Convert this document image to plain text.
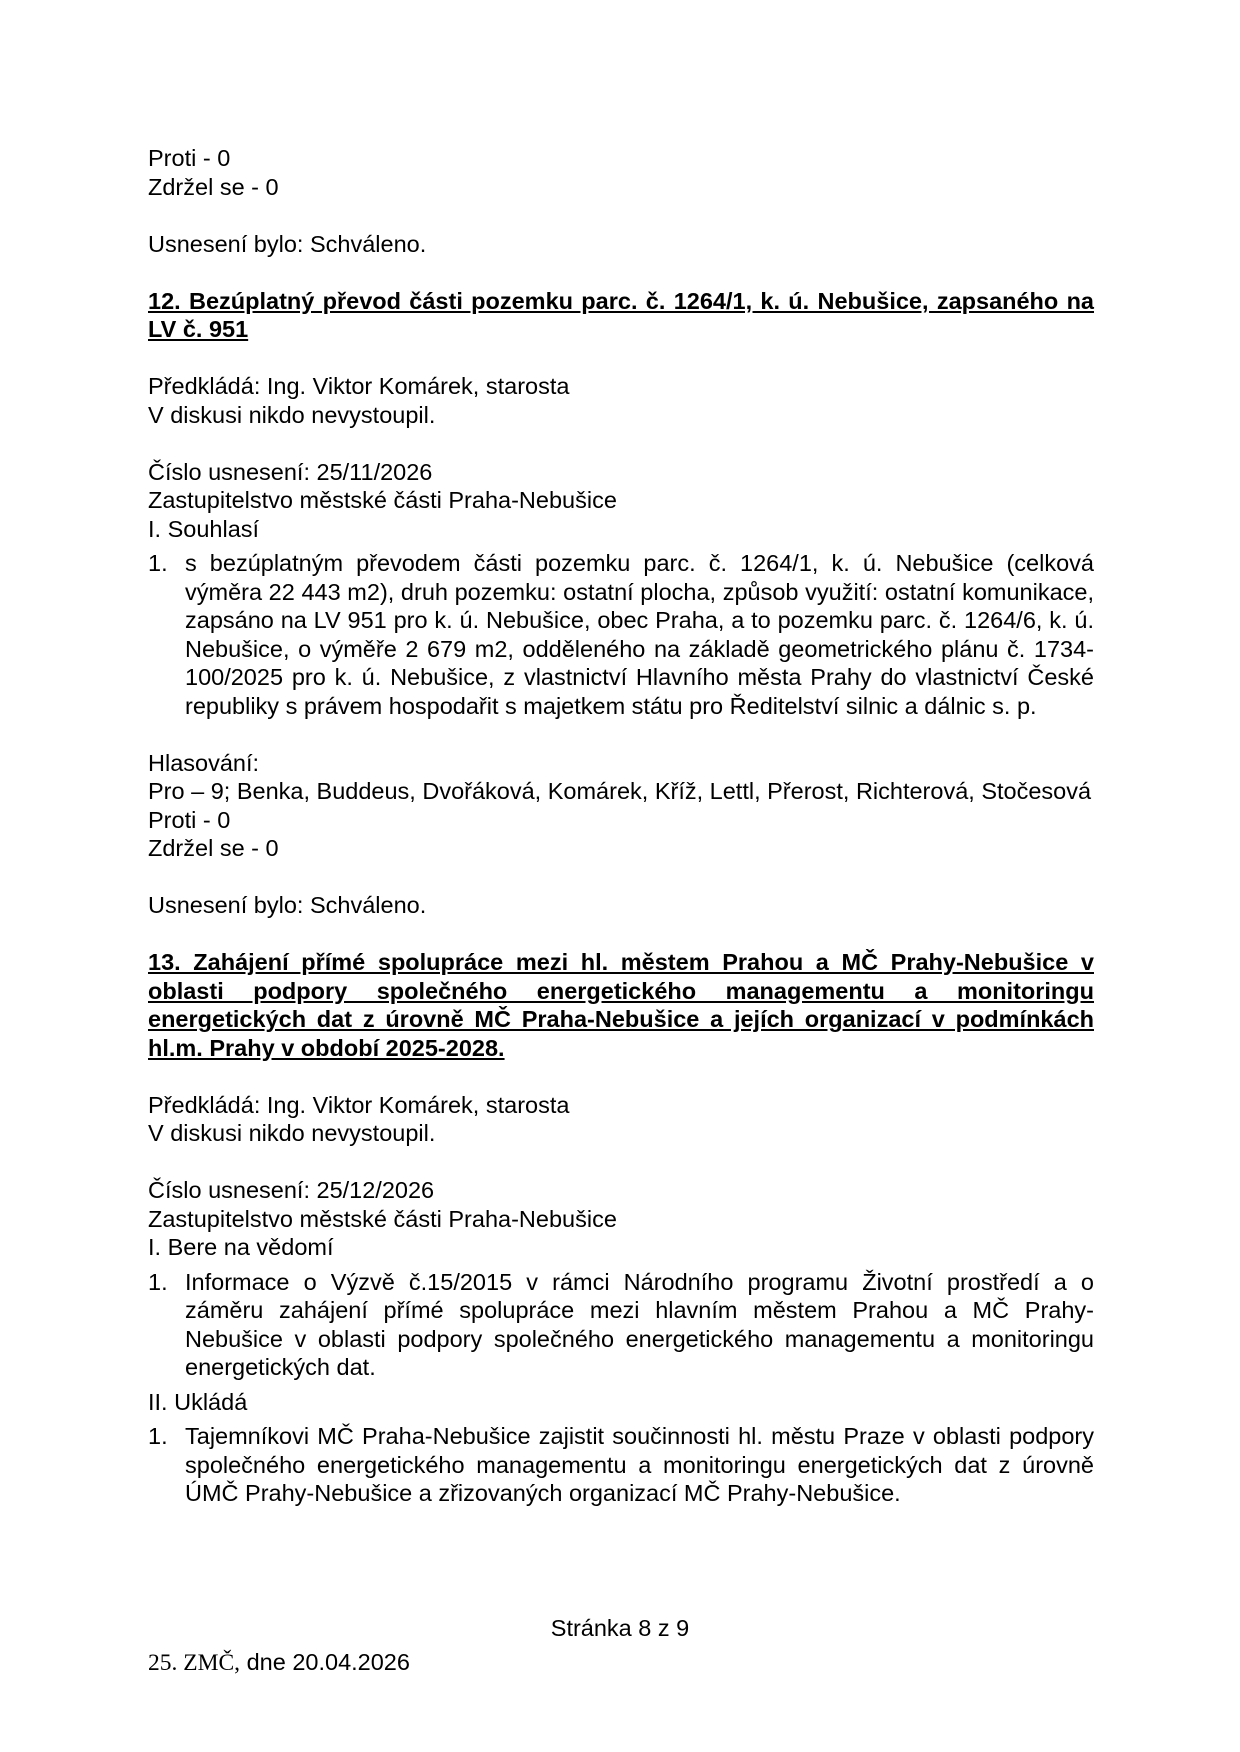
Proti - 0

Zdržel se - 0

Usnesení bylo: Schváleno.

12. Bezúplatný převod části pozemku parc. č. 1264/1, k. ú. Nebušice, zapsaného na LV č. 951

Předkládá: Ing. Viktor Komárek, starosta

V diskusi nikdo nevystoupil.

Číslo usnesení: 25/11/2026

Zastupitelstvo městské části Praha-Nebušice

I. Souhlasí

1. s bezúplatným převodem části pozemku parc. č. 1264/1, k. ú. Nebušice (celková výměra 22 443 m2), druh pozemku: ostatní plocha, způsob využití: ostatní komunikace, zapsáno na LV 951 pro k. ú. Nebušice, obec Praha, a to pozemku parc. č. 1264/6, k. ú. Nebušice, o výměře 2 679 m2, odděleného na základě geometrického plánu č. 1734-100/2025 pro k. ú. Nebušice, z vlastnictví Hlavního města Prahy do vlastnictví České republiky s právem hospodařit s majetkem státu pro Ředitelství silnic a dálnic s. p.

Hlasování:

Pro – 9; Benka, Buddeus, Dvořáková, Komárek, Kříž, Lettl, Přerost, Richterová, Stočesová

Proti - 0

Zdržel se - 0

Usnesení bylo: Schváleno.

13. Zahájení přímé spolupráce mezi hl. městem Prahou a MČ Prahy-Nebušice v oblasti podpory společného energetického managementu a monitoringu energetických dat z úrovně MČ Praha-Nebušice a jejích organizací v podmínkách hl.m. Prahy v období 2025-2028.

Předkládá: Ing. Viktor Komárek, starosta

V diskusi nikdo nevystoupil.

Číslo usnesení: 25/12/2026

Zastupitelstvo městské části Praha-Nebušice

I. Bere na vědomí

1. Informace o Výzvě č.15/2015 v rámci Národního programu Životní prostředí a o záměru zahájení přímé spolupráce mezi hlavním městem Prahou a MČ Prahy-Nebušice v oblasti podpory společného energetického managementu a monitoringu energetických dat.

II. Ukládá

1. Tajemníkovi MČ Praha-Nebušice zajistit součinnosti hl. městu Praze v oblasti podpory společného energetického managementu a monitoringu energetických dat z úrovně ÚMČ Prahy-Nebušice a zřizovaných organizací MČ Prahy-Nebušice.
Stránka 8 z 9
25. ZMČ, dne 20.04.2026
